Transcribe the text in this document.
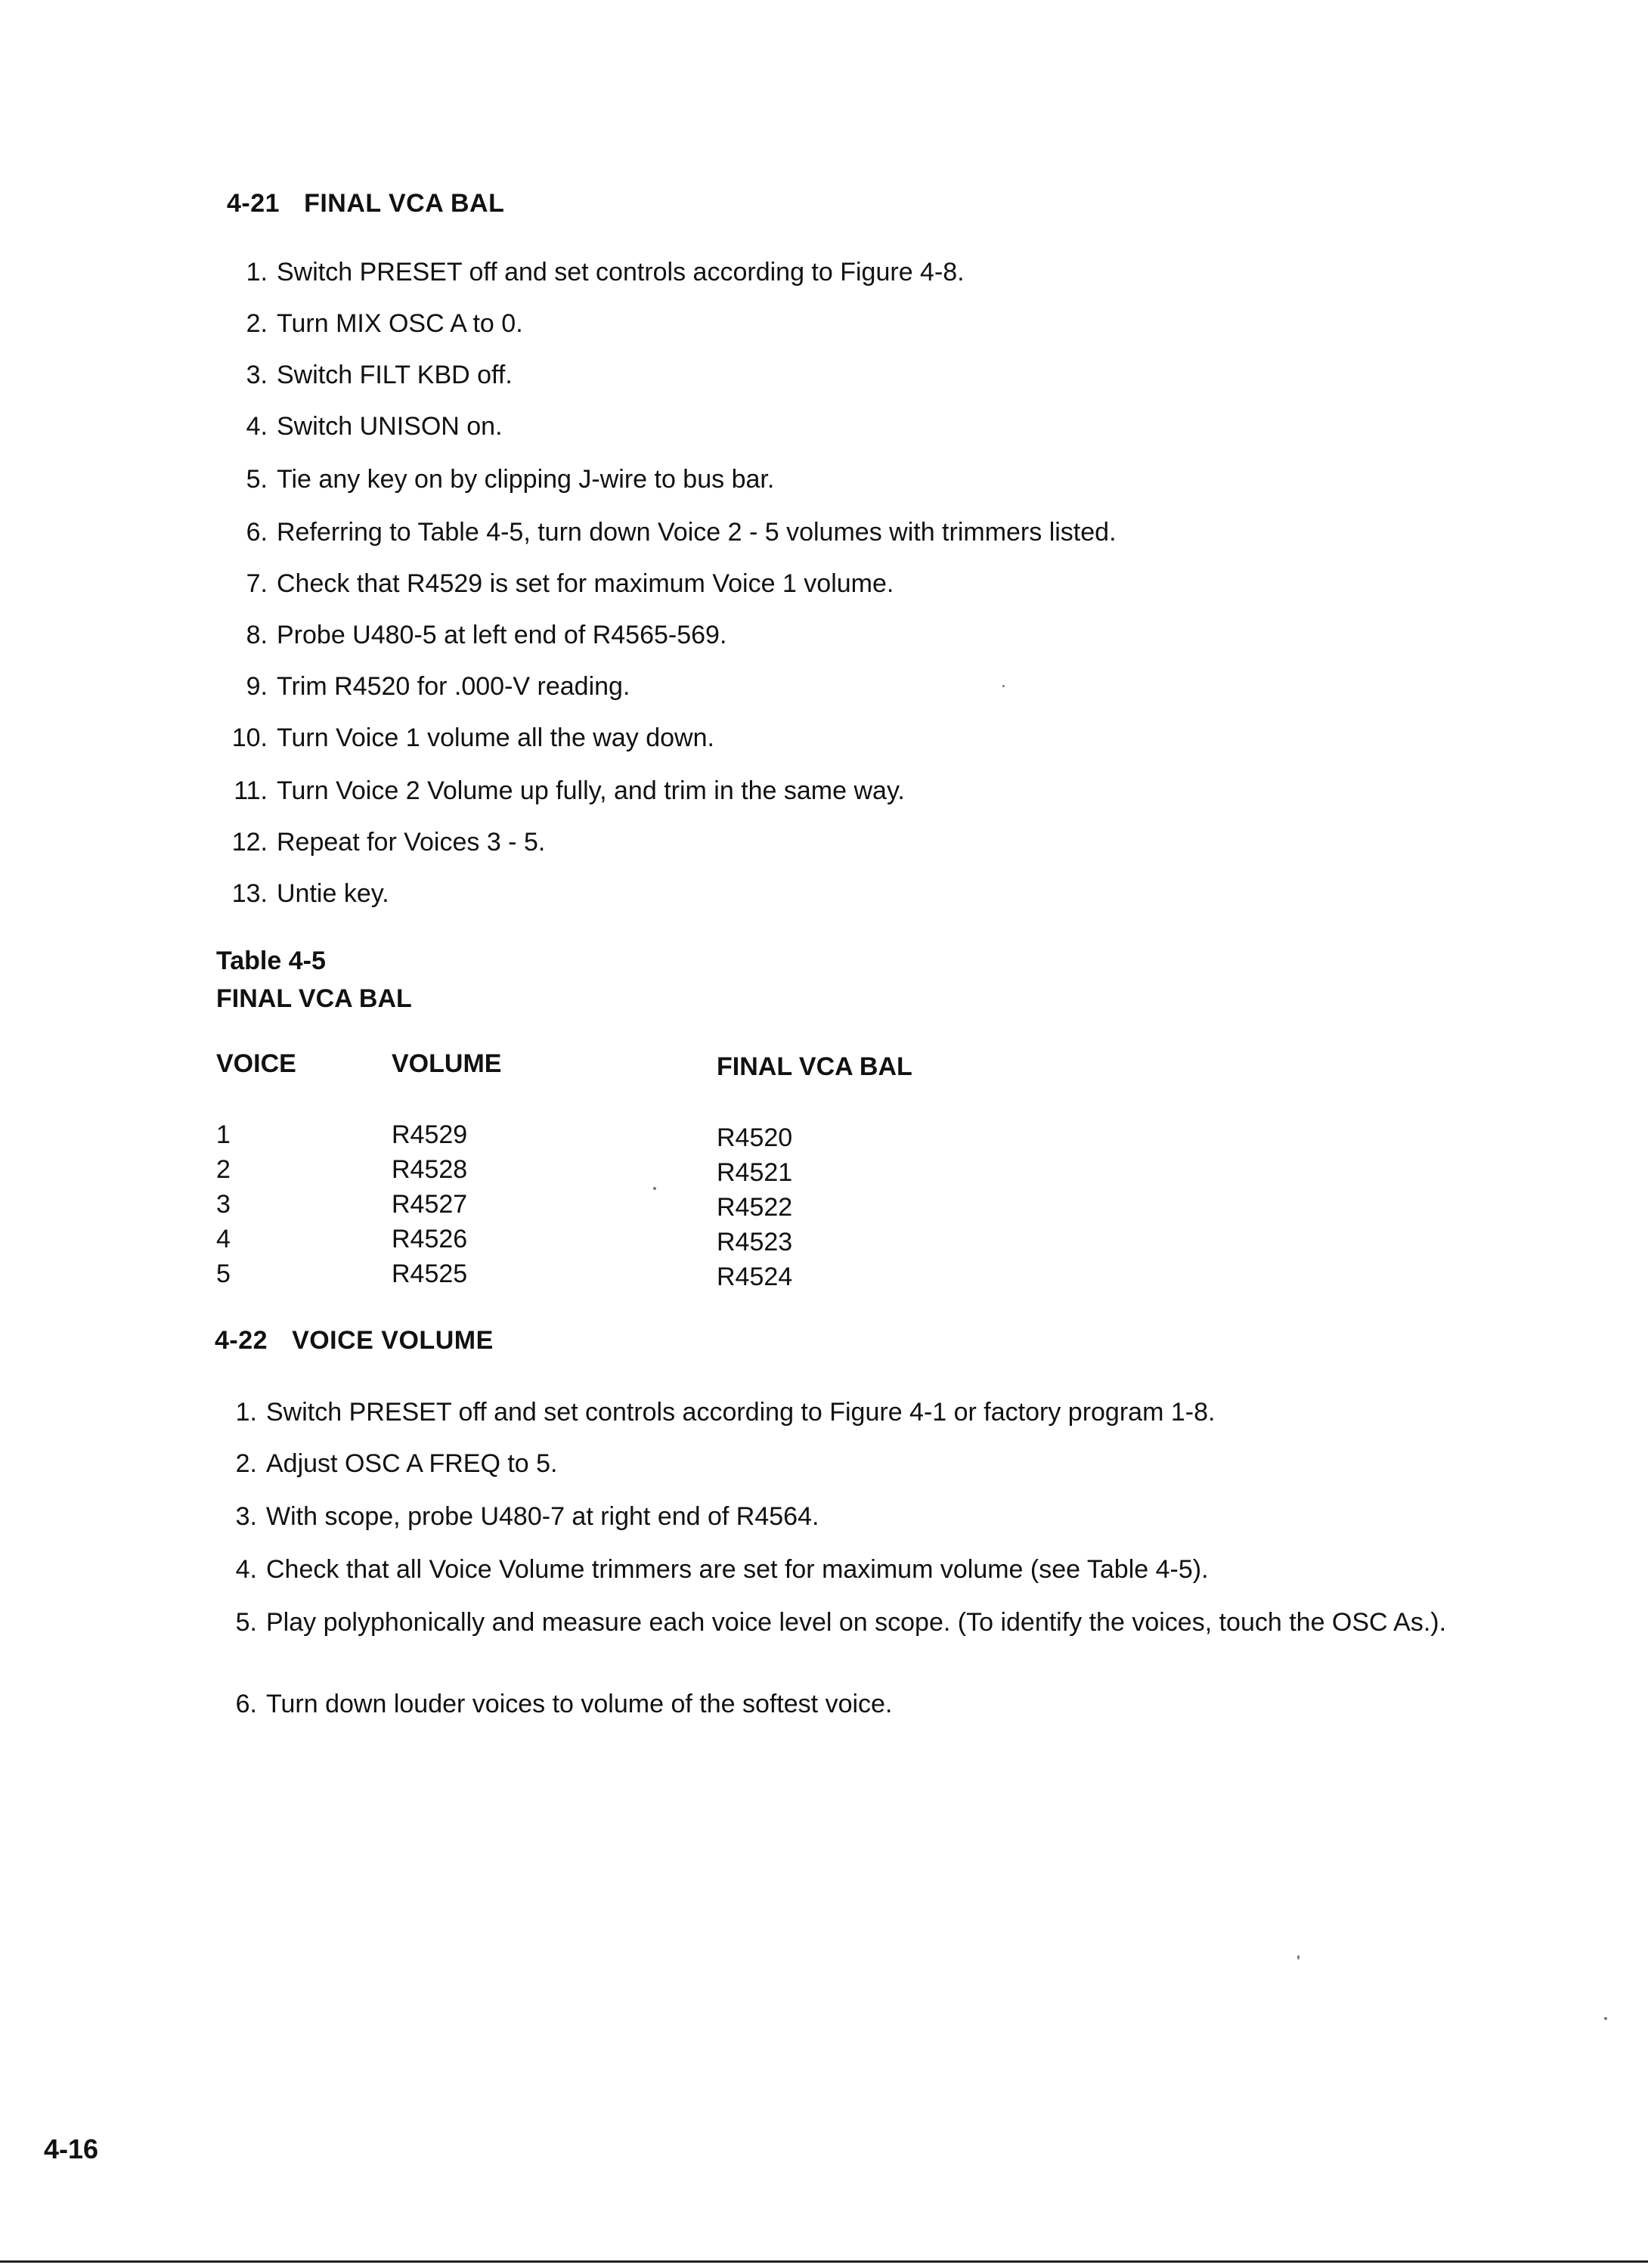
4-21 FINAL VCA BAL
1. Switch PRESET off and set controls according to Figure 4-8.
2. Turn MIX OSC A to 0.
3. Switch FILT KBD off.
4. Switch UNISON on.
5. Tie any key on by clipping J-wire to bus bar.
6. Referring to Table 4-5, turn down Voice 2 - 5 volumes with trimmers listed.
7. Check that R4529 is set for maximum Voice 1 volume.
8. Probe U480-5 at left end of R4565-569.
9. Trim R4520 for .000-V reading.
10. Turn Voice 1 volume all the way down.
11. Turn Voice 2 Volume up fully, and trim in the same way.
12. Repeat for Voices 3 - 5.
13. Untie key.
Table 4-5
FINAL VCA BAL
VOICE	VOLUME	FINAL VCA BAL
1	R4529	R4520
2	R4528	R4521
3	R4527	R4522
4	R4526	R4523
5	R4525	R4524
4-22 VOICE VOLUME
1. Switch PRESET off and set controls according to Figure 4-1 or factory program 1-8.
2. Adjust OSC A FREQ to 5.
3. With scope, probe U480-7 at right end of R4564.
4. Check that all Voice Volume trimmers are set for maximum volume (see Table 4-5).
5. Play polyphonically and measure each voice level on scope. (To identify the voices, touch the OSC As.).
6. Turn down louder voices to volume of the softest voice.
4-16
